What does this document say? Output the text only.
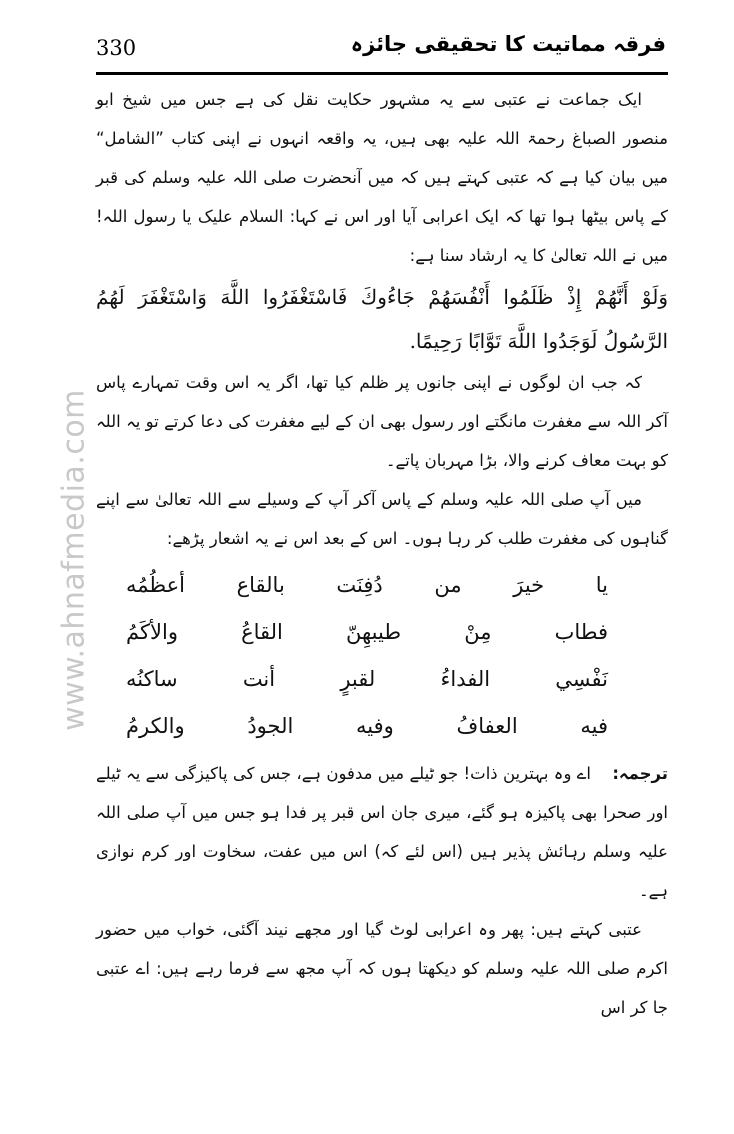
330	فرقہ مماتیت کا تحقیقی جائزہ
www.ahnafmedia.com

ایک جماعت نے عتبی سے یہ مشہور حکایت نقل کی ہے جس میں شیخ ابو منصور الصباغ رحمۃ اللہ علیہ بھی ہیں، یہ واقعہ انہوں نے اپنی کتاب ”الشامل“ میں بیان کیا ہے کہ عتبی کہتے ہیں کہ میں آنحضرت صلی اللہ علیہ وسلم کی قبر کے پاس بیٹھا ہوا تھا کہ ایک اعرابی آیا اور اس نے کہا: السلام علیک یا رسول اللہ! میں نے اللہ تعالیٰ کا یہ ارشاد سنا ہے:

وَلَوْ أَنَّهُمْ إِذْ ظَلَمُوا أَنْفُسَهُمْ جَاءُوكَ فَاسْتَغْفَرُوا اللَّهَ وَاسْتَغْفَرَ لَهُمُ الرَّسُولُ لَوَجَدُوا اللَّهَ تَوَّابًا رَحِيمًا.

کہ جب ان لوگوں نے اپنی جانوں پر ظلم کیا تھا، اگر یہ اس وقت تمہارے پاس آکر اللہ سے مغفرت مانگتے اور رسول بھی ان کے لیے مغفرت کی دعا کرتے تو یہ اللہ کو بہت معاف کرنے والا، بڑا مہربان پاتے۔

میں آپ صلی اللہ علیہ وسلم کے پاس آکر آپ کے وسیلے سے اللہ تعالیٰ سے اپنے گناہوں کی مغفرت طلب کر رہا ہوں۔ اس کے بعد اس نے یہ اشعار پڑھے:

يا
خيرَ
من
دُفِنَت
بالقاع
أعظُمُه
فطاب
مِنْ
طيبهِنّ
القاعُ
والأكَمُ
نَفْسِي
الفداءُ
لقبرٍ
أنت
ساكنُه
فيه
العفافُ
وفيه
الجودُ
والكرمُ

ترجمہ:    اے وہ بہترین ذات! جو ٹیلے میں مدفون ہے، جس کی پاکیزگی سے یہ ٹیلے اور صحرا بھی پاکیزہ ہو گئے، میری جان اس قبر پر فدا ہو جس میں آپ صلی اللہ علیہ وسلم رہائش پذیر ہیں (اس لئے کہ) اس میں عفت، سخاوت اور کرم نوازی ہے۔

عتبی کہتے ہیں: پھر وہ اعرابی لوٹ گیا اور مجھے نیند آگئی، خواب میں حضور اکرم صلی اللہ علیہ وسلم کو دیکھتا ہوں کہ آپ مجھ سے فرما رہے ہیں: اے عتبی جا کر اس
